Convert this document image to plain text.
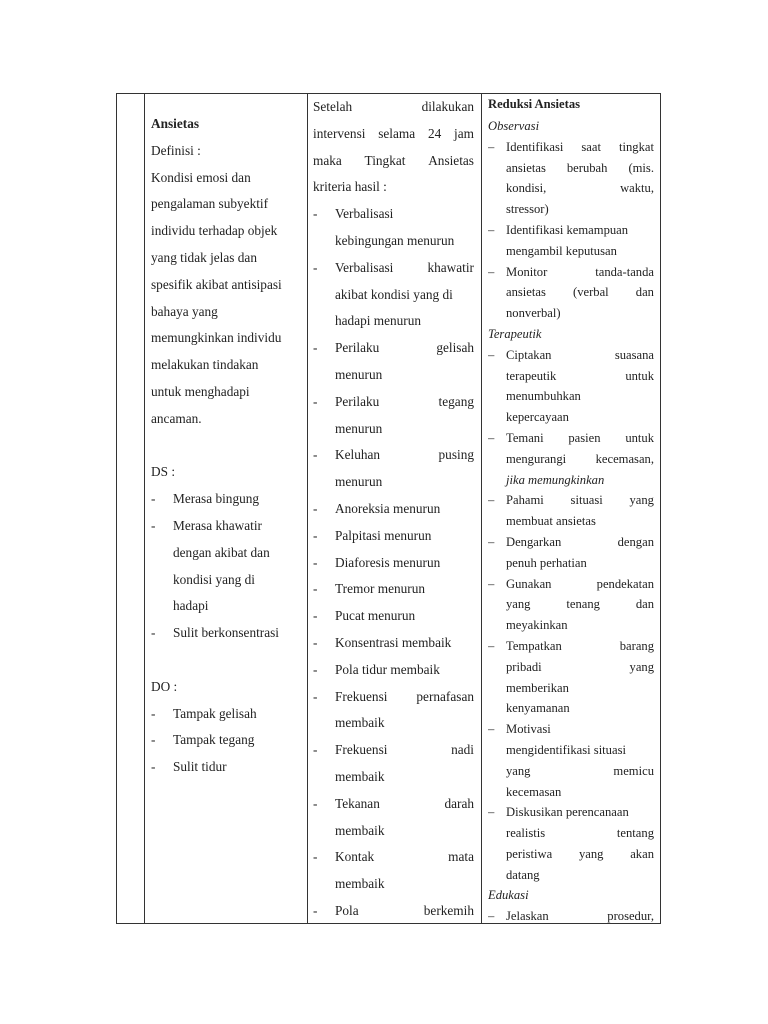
Ansietas
Definisi :
Kondisi emosi dan
pengalaman subyektif
individu terhadap objek
yang tidak jelas dan
spesifik akibat antisipasi
bahaya yang
memungkinkan individu
melakukan tindakan
untuk menghadapi
ancaman.
DS :
- Merasa bingung
- Merasa khawatir
dengan akibat dan
kondisi yang di
hadapi
- Sulit berkonsentrasi
DO :
- Tampak gelisah
- Tampak tegang
- Sulit tidur
Setelah	dilakukan
intervensi selama 24 jam
maka Tingkat Ansietas
kriteria hasil :
- Verbalisasi
kebingungan menurun
- Verbalisasi	khawatir
akibat kondisi yang di
hadapi menurun
- Perilaku	gelisah
menurun
- Perilaku	tegang
menurun
- Keluhan	pusing
menurun
- Anoreksia menurun
- Palpitasi menurun
- Diaforesis menurun
- Tremor menurun
- Pucat menurun
- Konsentrasi membaik
- Pola tidur membaik
- Frekuensi pernafasan
membaik
- Frekuensi	nadi
membaik
- Tekanan	darah
membaik
- Kontak	mata
membaik
- Pola	berkemih
Reduksi Ansietas
Observasi
– Identifikasi saat tingkat
ansietas berubah (mis.
kondisi,	waktu,
stressor)
– Identifikasi kemampuan
mengambil keputusan
– Monitor	tanda-tanda
ansietas (verbal dan
nonverbal)
Terapeutik
– Ciptakan	suasana
terapeutik	untuk
menumbuhkan
kepercayaan
– Temani pasien untuk
mengurangi kecemasan,
jika memungkinkan
– Pahami situasi yang
membuat ansietas
– Dengarkan	dengan
penuh perhatian
– Gunakan	pendekatan
yang	tenang	dan
meyakinkan
– Tempatkan	barang
pribadi	yang
memberikan
kenyamanan
– Motivasi
mengidentifikasi situasi
yang	memicu
kecemasan
– Diskusikan perencanaan
realistis	tentang
peristiwa yang akan
datang
Edukasi
– Jelaskan	prosedur,
